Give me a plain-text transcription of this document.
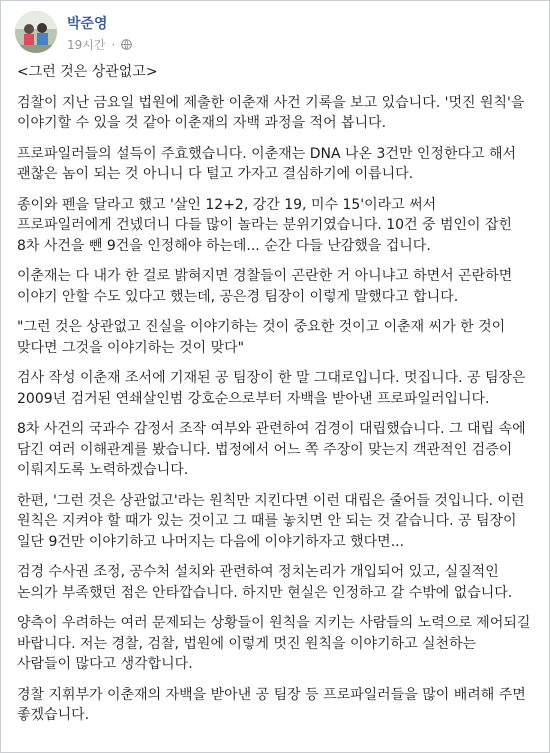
박준영
19시간 ·

<그런 것은 상관없고>

검찰이 지난 금요일 법원에 제출한 이춘재 사건 기록을 보고 있습니다. '멋진 원칙'을 이야기할 수 있을 것 같아 이춘재의 자백 과정을 적어 봅니다.

프로파일러들의 설득이 주효했습니다. 이춘재는 DNA 나온 3건만 인정한다고 해서 괜찮은 놈이 되는 것 아니니 다 털고 가자고 결심하기에 이릅니다.

종이와 펜을 달라고 했고 '살인 12+2, 강간 19, 미수 15'이라고 써서 프로파일러에게 건넸더니 다들 많이 놀라는 분위기였습니다. 10건 중 범인이 잡힌 8차 사건을 뺀 9건을 인정해야 하는데... 순간 다들 난감했을 겁니다.

이춘재는 다 내가 한 걸로 밝혀지면 경찰들이 곤란한 거 아니냐고 하면서 곤란하면 이야기 안할 수도 있다고 했는데, 공은경 팀장이 이렇게 말했다고 합니다.

"그런 것은 상관없고 진실을 이야기하는 것이 중요한 것이고 이춘재 씨가 한 것이 맞다면 그것을 이야기하는 것이 맞다"

검사 작성 이춘재 조서에 기재된 공 팀장이 한 말 그대로입니다. 멋집니다. 공 팀장은 2009년 검거된 연쇄살인범 강호순으로부터 자백을 받아낸 프로파일러입니다.

8차 사건의 국과수 감정서 조작 여부와 관련하여 검경이 대립했습니다. 그 대립 속에 담긴 여러 이해관계를 봤습니다. 법정에서 어느 쪽 주장이 맞는지 객관적인 검증이 이뤄지도록 노력하겠습니다.

한편, '그런 것은 상관없고'라는 원칙만 지킨다면 이런 대립은 줄어들 것입니다. 이런 원칙은 지켜야 할 때가 있는 것이고 그 때를 놓치면 안 되는 것 같습니다. 공 팀장이 일단 9건만 이야기하고 나머지는 다음에 이야기하자고 했다면...

검경 수사권 조정, 공수처 설치와 관련하여 정치논리가 개입되어 있고, 실질적인 논의가 부족했던 점은 안타깝습니다. 하지만 현실은 인정하고 갈 수밖에 없습니다.

양측이 우려하는 여러 문제되는 상황들이 원칙을 지키는 사람들의 노력으로 제어되길 바랍니다. 저는 경찰, 검찰, 법원에 이렇게 멋진 원칙을 이야기하고 실천하는 사람들이 많다고 생각합니다.

경찰 지휘부가 이춘재의 자백을 받아낸 공 팀장 등 프로파일러들을 많이 배려해 주면 좋겠습니다.
